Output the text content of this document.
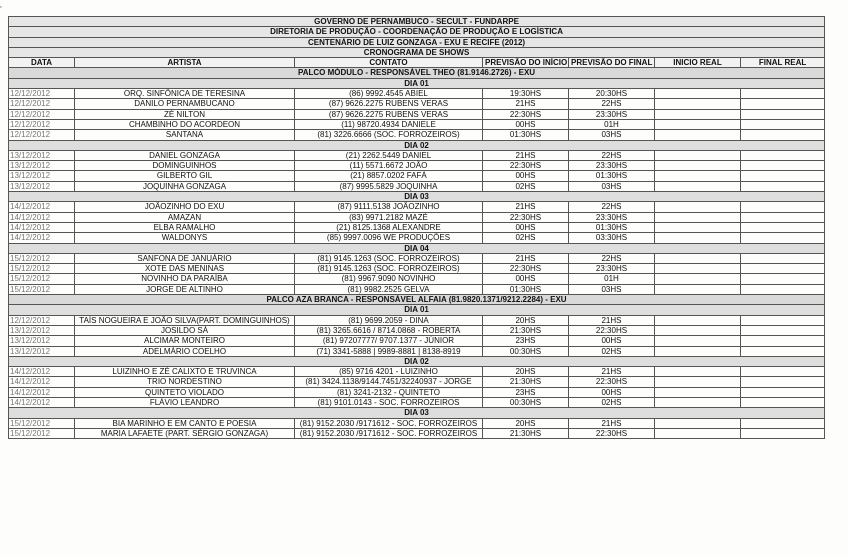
‚
GOVERNO DE PERNAMBUCO - SECULT - FUNDARPE						
DIRETORIA DE PRODUÇÃO - COORDENAÇÃO DE PRODUÇÃO E LOGÍSTICA						
CENTENÁRIO DE LUIZ GONZAGA - EXU E RECIFE (2012)						
CRONOGRAMA DE SHOWS						
DATA	ARTISTA	CONTATO	PREVISÃO DO INÍCIO	PREVISÃO DO FINAL	INICIO REAL	FINAL REAL
PALCO MÓDULO - RESPONSÁVEL THEO (81.9146.2726) - EXU						
DIA 01						
12/12/2012	ORQ. SINFÔNICA DE TERESINA	(86) 9992.4545 ABIEL	19:30HS	20:30HS		
12/12/2012	DANILO PERNAMBUCANO	(87) 9626.2275 RUBENS VERAS	21HS	22HS		
12/12/2012	ZÉ NILTON	(87) 9626.2275 RUBENS VERAS	22:30HS	23:30HS		
12/12/2012	CHAMBINHO DO ACORDEON	(11) 98720.4934 DANIELE	00HS	01H		
12/12/2012	SANTANA	(81) 3226.6666 (SOC. FORROZEIROS)	01:30HS	03HS		
DIA 02						
13/12/2012	DANIEL GONZAGA	(21) 2262.5449 DANIEL	21HS	22HS		
13/12/2012	DOMINGUINHOS	(11) 5571.6672 JOÃO	22:30HS	23:30HS		
13/12/2012	GILBERTO GIL	(21) 8857.0202 FAFÁ	00HS	01:30HS		
13/12/2012	JOQUINHA GONZAGA	(87) 9995.5829 JOQUINHA	02HS	03HS		
DIA 03						
14/12/2012	JOÃOZINHO DO EXU	(87) 9111.5138 JOÃOZINHO	21HS	22HS		
14/12/2012	AMAZAN	(83) 9971.2182 MAZÉ	22:30HS	23:30HS		
14/12/2012	ELBA RAMALHO	(21) 8125.1368 ALEXANDRE	00HS	01:30HS		
14/12/2012	WALDONYS	(85) 9997.0096 WE PRODUÇÕES	02HS	03:30HS		
DIA 04						
15/12/2012	SANFONA DE JANUÁRIO	(81) 9145.1263 (SOC. FORROZEIROS)	21HS	22HS		
15/12/2012	XOTE DAS MENINAS	(81) 9145.1263 (SOC. FORROZEIROS)	22:30HS	23:30HS		
15/12/2012	NOVINHO DA PARAÍBA	(81) 9967.9090 NOVINHO	00HS	01H		
15/12/2012	JORGE DE ALTINHO	(81) 9982.2525 GELVA	01:30HS	03HS		
PALCO AZA BRANCA - RESPONSÁVEL ALFAIA (81.9820.1371/9212.2284) - EXU						
DIA 01						
12/12/2012	TAÍS NOGUEIRA E JOÃO SILVA(PART. DOMINGUINHOS)	(81) 9699.2059 - DINA	20HS	21HS		
13/12/2012	JOSILDO SÁ	(81) 3265.6616 / 8714.0868 - ROBERTA	21:30HS	22:30HS		
13/12/2012	ALCIMAR MONTEIRO	(81) 97207777/ 9707.1377 - JÚNIOR	23HS	00HS		
13/12/2012	ADELMÁRIO COELHO	(71) 3341-5888 | 9989-8881 | 8138-8919	00:30HS	02HS		
DIA 02						
14/12/2012	LUIZINHO E ZÉ CALIXTO E TRUVINCA	(85) 9716 4201 - LUIZINHO	20HS	21HS		
14/12/2012	TRIO NORDESTINO	(81) 3424.1138/9144.7451/32240937 - JORGE	21:30HS	22:30HS		
14/12/2012	QUINTETO VIOLADO	(81) 3241-2132 - QUINTETO	23HS	00HS		
14/12/2012	FLÁVIO LEANDRO	(81) 9101.0143 - SOC. FORROZEIROS	00:30HS	02HS		
DIA 03						
15/12/2012	BIA MARINHO E EM CANTO E POESIA	(81) 9152.2030 /9171612 - SOC. FORROZEIROS	20HS	21HS		
15/12/2012	MARIA LAFAETE (PART. SÉRGIO GONZAGA)	(81) 9152.2030 /9171612 - SOC. FORROZEIROS	21:30HS	22:30HS		
